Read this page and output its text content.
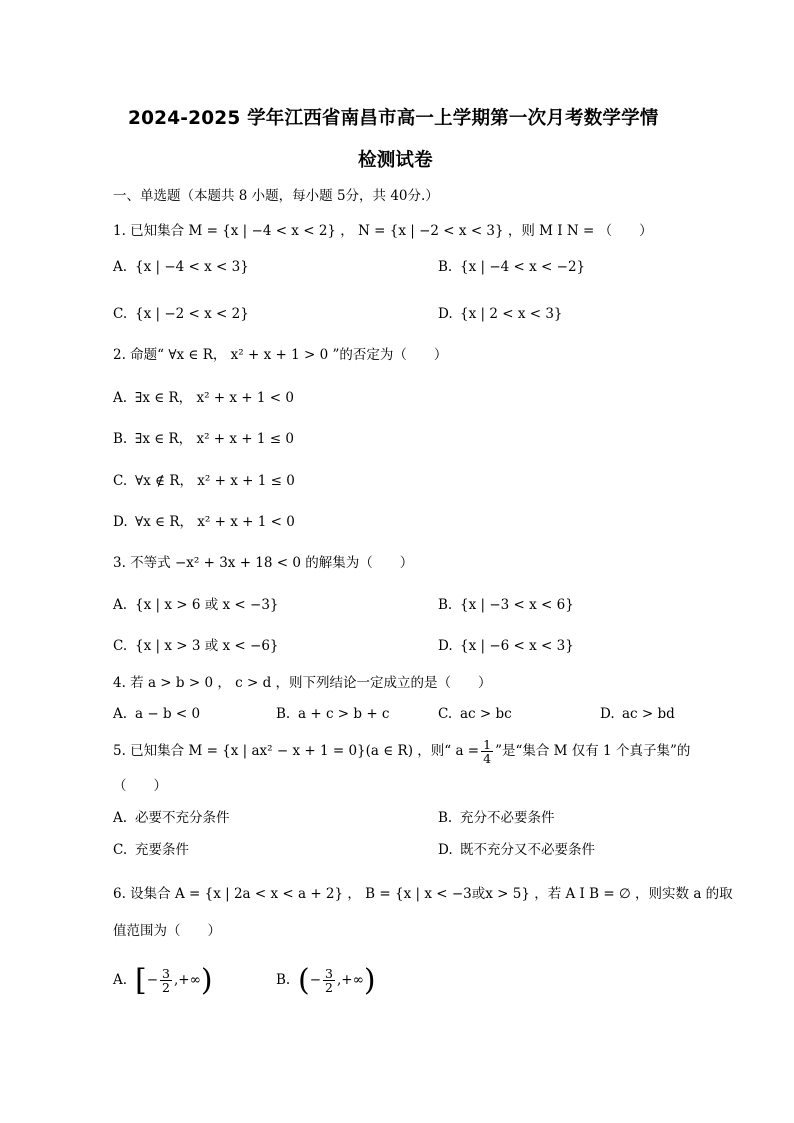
2024-2025 学年江西省南昌市高一上学期第一次月考数学学情
检测试卷
一、单选题（本题共 8 小题，每小题 5分，共 40分.）
1. 已知集合 M = {x | −4 < x < 2} ， N = {x | −2 < x < 3} ，则 M Ⅰ N = （　　）
A. {x | −4 < x < 3}	B. {x | −4 < x < −2}
C. {x | −2 < x < 2}	D. {x | 2 < x < 3}
2. 命题“ ∀x ∈ R， x² + x + 1 > 0 ”的否定为（　　）
A. ∃x ∈ R， x² + x + 1 < 0
B. ∃x ∈ R， x² + x + 1 ≤ 0
C. ∀x ∉ R， x² + x + 1 ≤ 0
D. ∀x ∈ R， x² + x + 1 < 0
3. 不等式 −x² + 3x + 18 < 0 的解集为（　　）
A. {x | x > 6 或 x < −3}	B. {x | −3 < x < 6}
C. {x | x > 3 或 x < −6}	D. {x | −6 < x < 3}
4. 若 a > b > 0 ， c > d ，则下列结论一定成立的是（　　）
A. a − b < 0	B. a + c > b + c	C. ac > bc	D. ac > bd
5. 已知集合 M = {x | ax² − x + 1 = 0}(a ∈ R) ，则“ $a = \frac{1}{4}$ ”是“集合 M 仅有 1 个真子集”的
（　　）
A. 必要不充分条件	B. 充分不必要条件
C. 充要条件	D. 既不充分又不必要条件
6. 设集合 A = {x | 2a < x < a + 2} ， B = {x | x < −3或x > 5} ，若 A Ⅰ B = ∅ ，则实数 a 的取
值范围为（　　）
A. [− $\frac{3}{2}$ ,+∞)	B. (− $\frac{3}{2}$ ,+∞)
